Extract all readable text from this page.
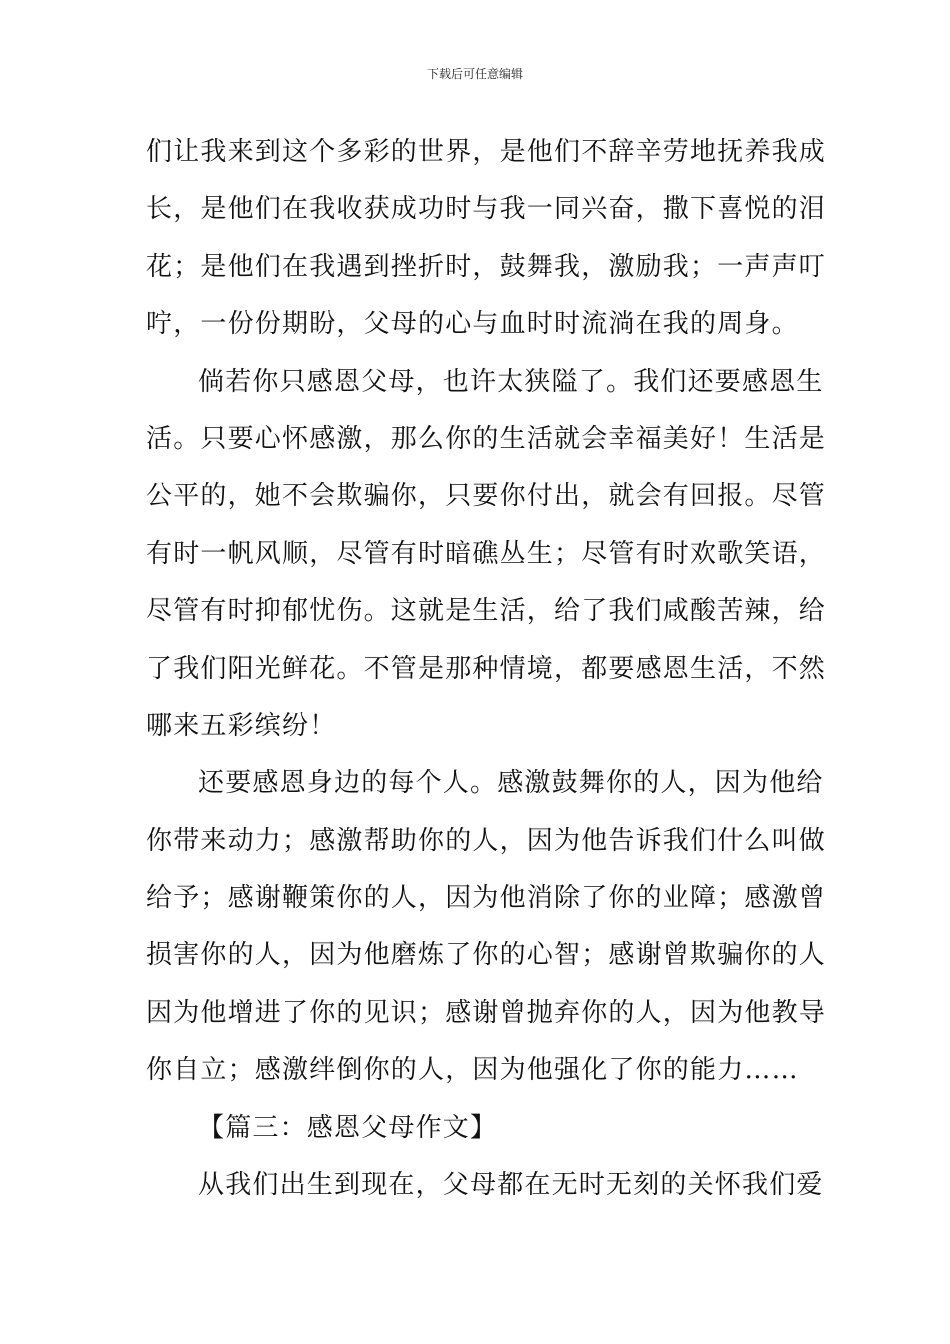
下载后可任意编辑
们让我来到这个多彩的世界，是他们不辞辛劳地抚养我成
长，是他们在我收获成功时与我一同兴奋，撒下喜悦的泪
花；是他们在我遇到挫折时，鼓舞我，激励我；一声声叮
咛，一份份期盼，父母的心与血时时流淌在我的周身。
倘若你只感恩父母，也许太狭隘了。我们还要感恩生
活。只要心怀感激，那么你的生活就会幸福美好！生活是
公平的，她不会欺骗你，只要你付出，就会有回报。尽管
有时一帆风顺，尽管有时暗礁丛生；尽管有时欢歌笑语，
尽管有时抑郁忧伤。这就是生活，给了我们咸酸苦辣，给
了我们阳光鲜花。不管是那种情境，都要感恩生活，不然
哪来五彩缤纷！
还要感恩身边的每个人。感激鼓舞你的人，因为他给
你带来动力；感激帮助你的人，因为他告诉我们什么叫做
给予；感谢鞭策你的人，因为他消除了你的业障；感激曾
损害你的人，因为他磨炼了你的心智；感谢曾欺骗你的人
因为他增进了你的见识；感谢曾抛弃你的人，因为他教导
你自立；感激绊倒你的人，因为他强化了你的能力……
【篇三：感恩父母作文】
从我们出生到现在，父母都在无时无刻的关怀我们爱
